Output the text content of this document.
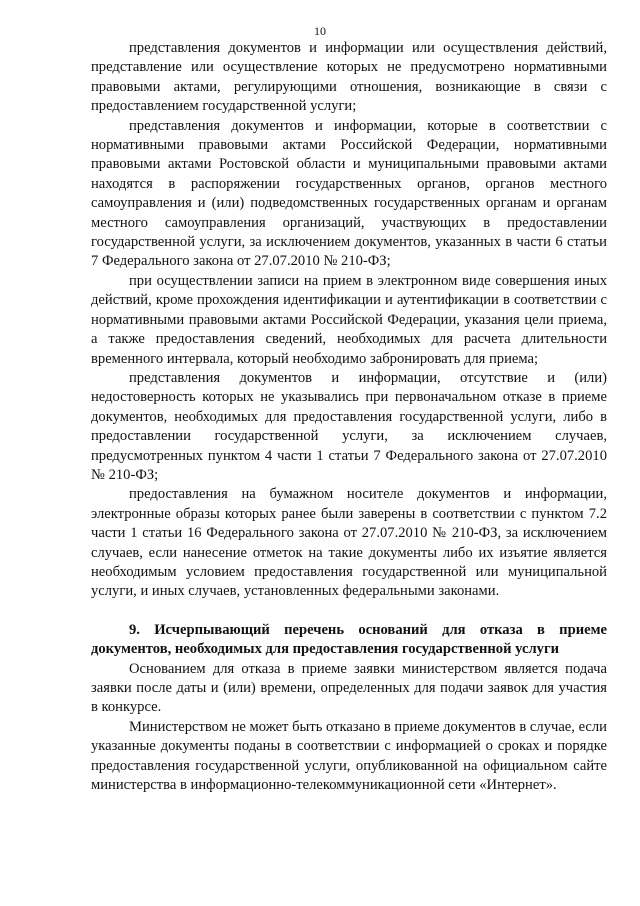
10

представления документов и информации или осуществления действий, представление или осуществление которых не предусмотрено нормативными правовыми актами, регулирующими отношения, возникающие в связи с предоставлением государственной услуги;

представления документов и информации, которые в соответствии с нормативными правовыми актами Российской Федерации, нормативными правовыми актами Ростовской области и муниципальными правовыми актами находятся в распоряжении государственных органов, органов местного самоуправления и (или) подведомственных государственных органам и органам местного самоуправления организаций, участвующих в предоставлении государственной услуги, за исключением документов, указанных в части 6 статьи 7 Федерального закона от 27.07.2010 № 210-ФЗ;

при осуществлении записи на прием в электронном виде совершения иных действий, кроме прохождения идентификации и аутентификации в соответствии с нормативными правовыми актами Российской Федерации, указания цели приема, а также предоставления сведений, необходимых для расчета длительности временного интервала, который необходимо забронировать для приема;

представления документов и информации, отсутствие и (или) недостоверность которых не указывались при первоначальном отказе в приеме документов, необходимых для предоставления государственной услуги, либо в предоставлении государственной услуги, за исключением случаев, предусмотренных пунктом 4 части 1 статьи 7 Федерального закона от 27.07.2010 № 210-ФЗ;

предоставления на бумажном носителе документов и информации, электронные образы которых ранее были заверены в соответствии с пунктом 7.2 части 1 статьи 16 Федерального закона от 27.07.2010 № 210-ФЗ, за исключением случаев, если нанесение отметок на такие документы либо их изъятие является необходимым условием предоставления государственной или муниципальной услуги, и иных случаев, установленных федеральными законами.

9. Исчерпывающий перечень оснований для отказа в приеме документов, необходимых для предоставления государственной услуги

Основанием для отказа в приеме заявки министерством является подача заявки после даты и (или) времени, определенных для подачи заявок для участия в конкурсе.

Министерством не может быть отказано в приеме документов в случае, если указанные документы поданы в соответствии с информацией о сроках и порядке предоставления государственной услуги, опубликованной на официальном сайте министерства в информационно-телекоммуникационной сети «Интернет».
